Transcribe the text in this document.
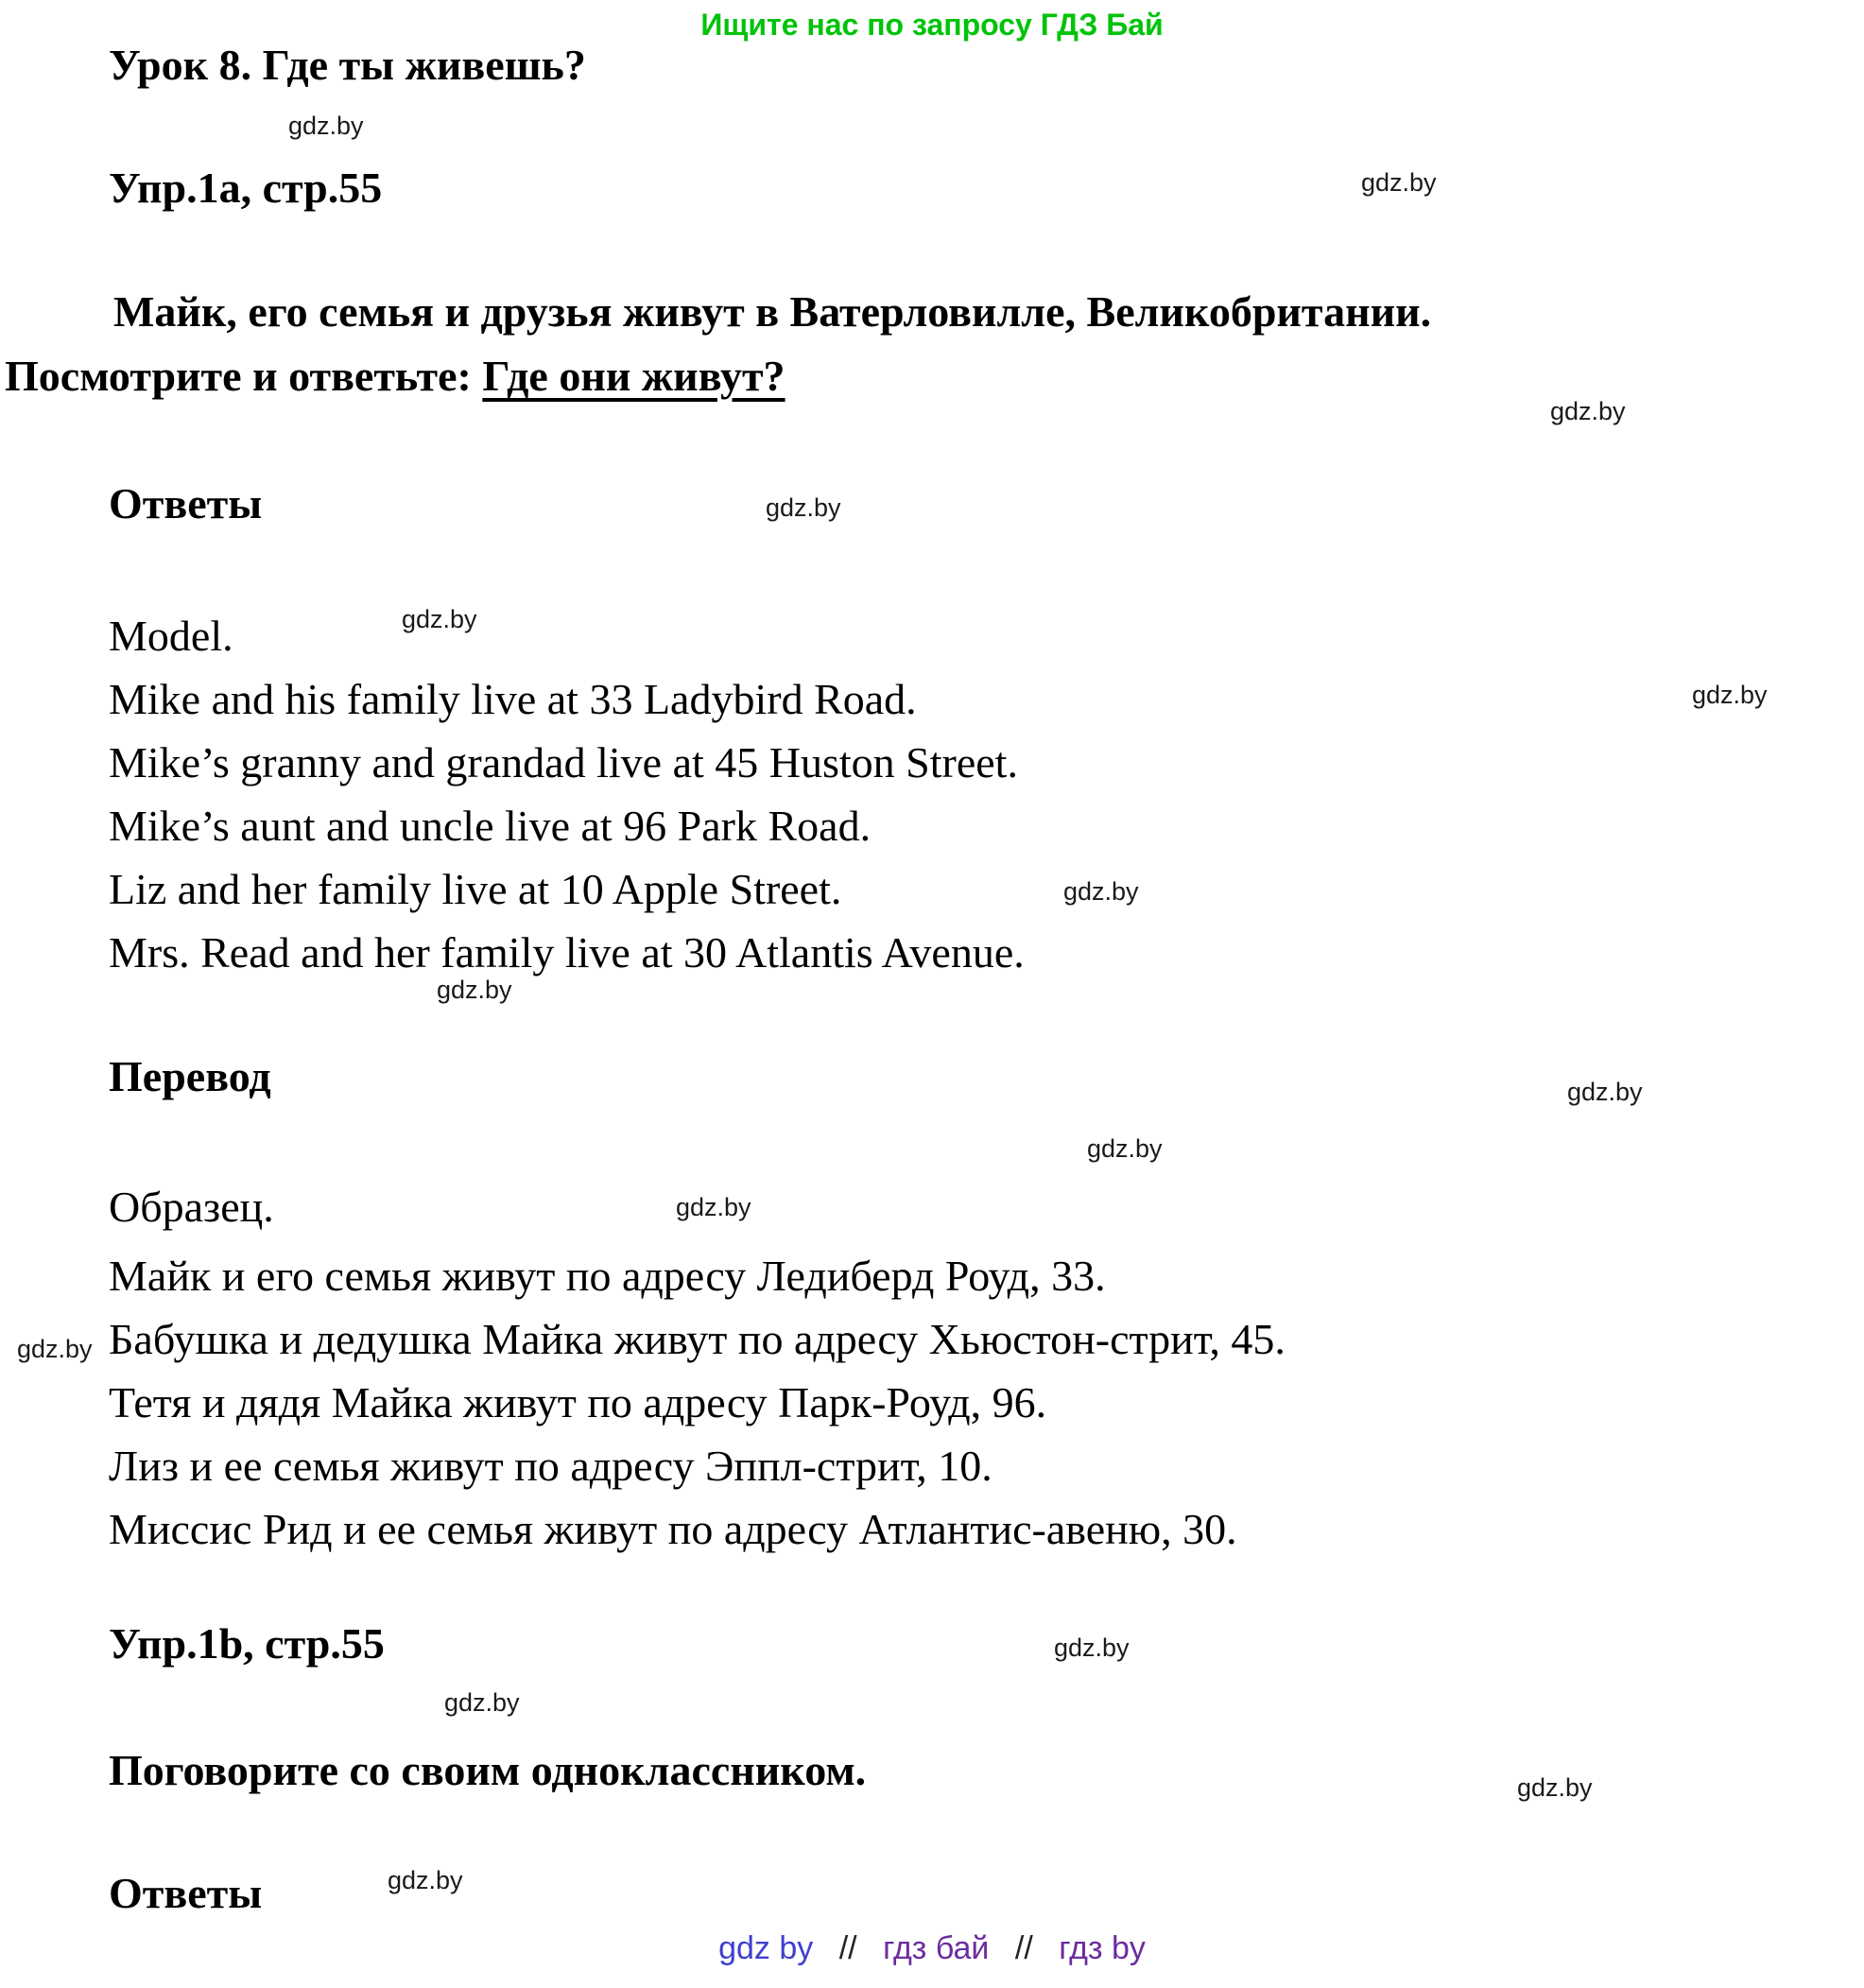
Ищите нас по запросу ГДЗ Бай
Урок 8. Где ты живешь?
Упр.1а, стр.55
Майк, его семья и друзья живут в Ватерловилле, Великобритании.
Посмотрите и ответьте: Где они живут?
Ответы
Model.
Mike and his family live at 33 Ladybird Road.
Mike’s granny and grandad live at 45 Huston Street.
Mike’s aunt and uncle live at 96 Park Road.
Liz and her family live at 10 Apple Street.
Mrs. Read and her family live at 30 Atlantis Avenue.
Перевод
Образец.
Майк и его семья живут по адресу Ледиберд Роуд, 33.
Бабушка и дедушка Майка живут по адресу Хьюстон-стрит, 45.
Тетя и дядя Майка живут по адресу Парк-Роуд, 96.
Лиз и ее семья живут по адресу Эппл-стрит, 10.
Миссис Рид и ее семья живут по адресу Атлантис-авеню, 30.
Упр.1b, стр.55
Поговорите со своим одноклассником.
Ответы
gdz.by
gdz.by
gdz.by
gdz.by
gdz.by
gdz.by
gdz.by
gdz.by
gdz.by
gdz.by
gdz.by
gdz.by
gdz.by
gdz.by
gdz.by
gdz.by
gdz by // гдз бай // гдз by
